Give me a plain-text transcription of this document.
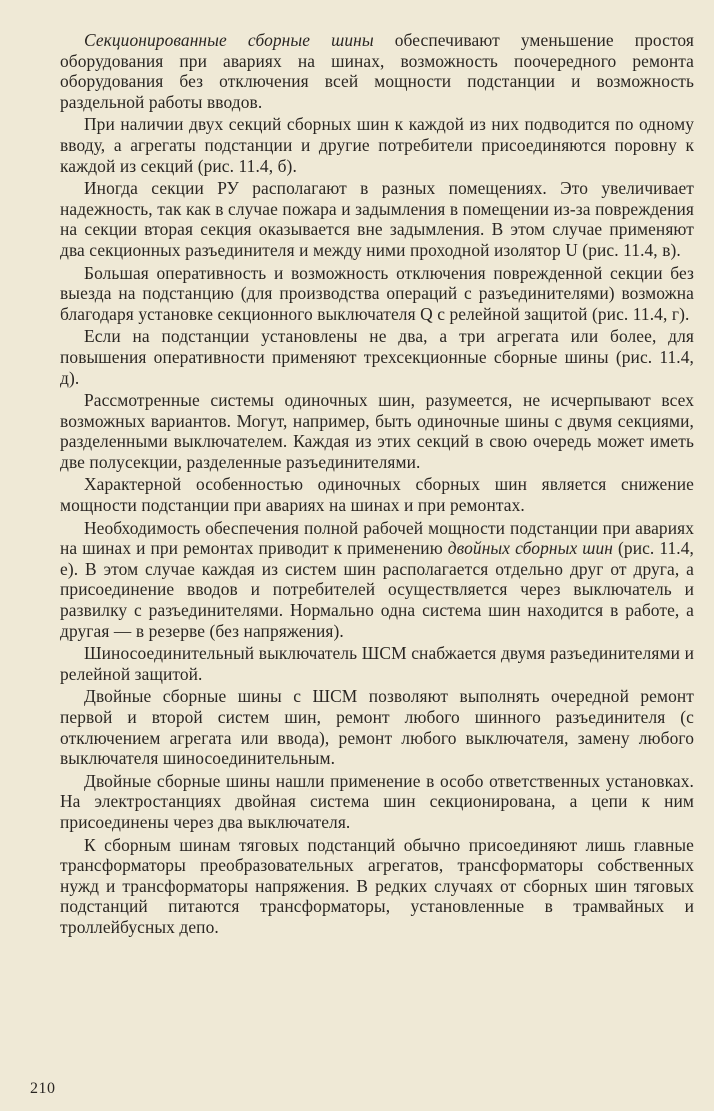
Секционированные сборные шины обеспечивают уменьшение простоя оборудования при авариях на шинах, возможность поочередного ремонта оборудования без отключения всей мощности подстанции и возможность раздельной работы вводов.

При наличии двух секций сборных шин к каждой из них подводится по одному вводу, а агрегаты подстанции и другие потребители присоединяются поровну к каждой из секций (рис. 11.4, б).

Иногда секции РУ располагают в разных помещениях. Это увеличивает надежность, так как в случае пожара и задымления в помещении из-за повреждения на секции вторая секция оказывается вне задымления. В этом случае применяют два секционных разъединителя и между ними проходной изолятор U (рис. 11.4, в).

Большая оперативность и возможность отключения поврежденной секции без выезда на подстанцию (для производства операций с разъединителями) возможна благодаря установке секционного выключателя Q с релейной защитой (рис. 11.4, г).

Если на подстанции установлены не два, а три агрегата или более, для повышения оперативности применяют трехсекционные сборные шины (рис. 11.4, д).

Рассмотренные системы одиночных шин, разумеется, не исчерпывают всех возможных вариантов. Могут, например, быть одиночные шины с двумя секциями, разделенными выключателем. Каждая из этих секций в свою очередь может иметь две полусекции, разделенные разъединителями.

Характерной особенностью одиночных сборных шин является снижение мощности подстанции при авариях на шинах и при ремонтах.

Необходимость обеспечения полной рабочей мощности подстанции при авариях на шинах и при ремонтах приводит к применению двойных сборных шин (рис. 11.4, е). В этом случае каждая из систем шин располагается отдельно друг от друга, а присоединение вводов и потребителей осуществляется через выключатель и развилку с разъединителями. Нормально одна система шин находится в работе, а другая — в резерве (без напряжения).

Шиносоединительный выключатель ШСМ снабжается двумя разъединителями и релейной защитой.

Двойные сборные шины с ШСМ позволяют выполнять очередной ремонт первой и второй систем шин, ремонт любого шинного разъединителя (с отключением агрегата или ввода), ремонт любого выключателя, замену любого выключателя шиносоединительным.

Двойные сборные шины нашли применение в особо ответственных установках. На электростанциях двойная система шин секционирована, а цепи к ним присоединены через два выключателя.

К сборным шинам тяговых подстанций обычно присоединяют лишь главные трансформаторы преобразовательных агрегатов, трансформаторы собственных нужд и трансформаторы напряжения. В редких случаях от сборных шин тяговых подстанций питаются трансформаторы, установленные в трамвайных и троллейбусных депо.

210
